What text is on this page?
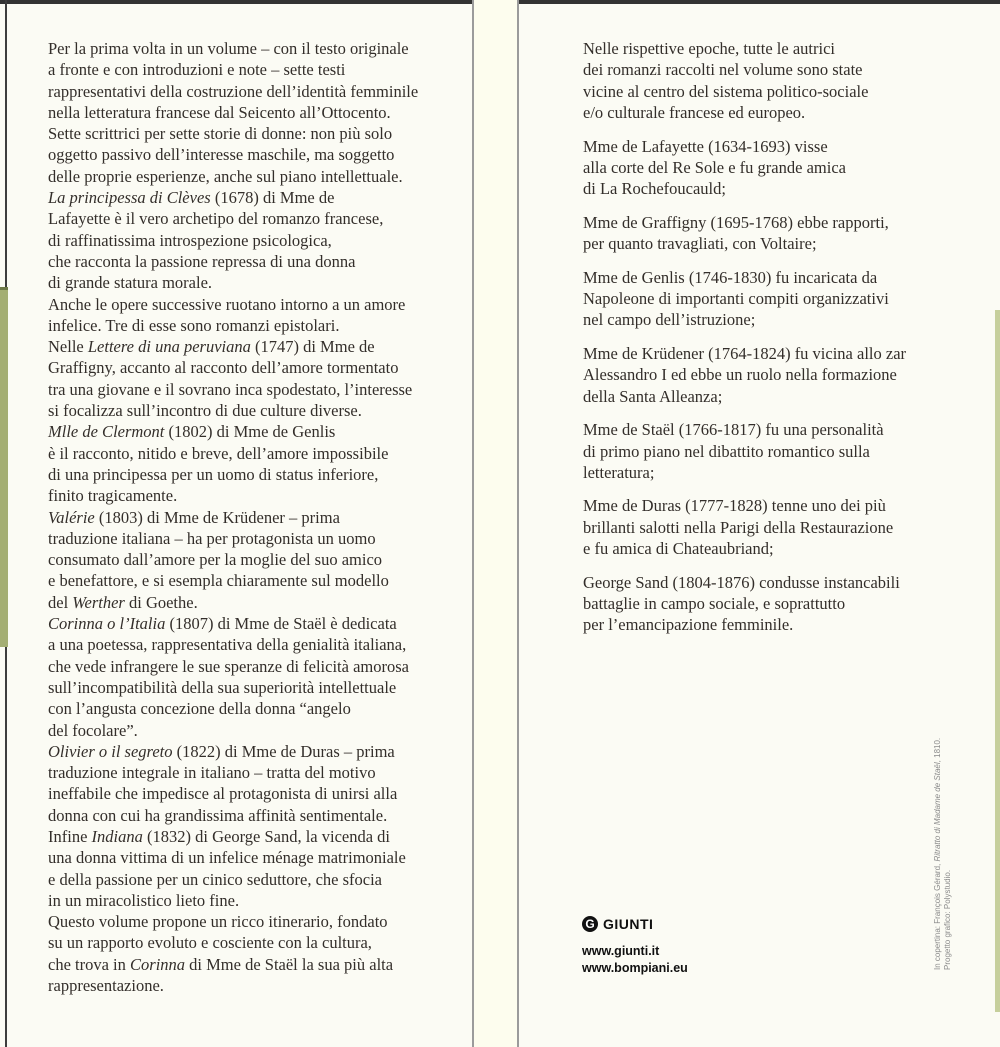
Per la prima volta in un volume – con il testo originale
a fronte e con introduzioni e note – sette testi
rappresentativi della costruzione dell’identità femminile
nella letteratura francese dal Seicento all’Ottocento.
Sette scrittrici per sette storie di donne: non più solo
oggetto passivo dell’interesse maschile, ma soggetto
delle proprie esperienze, anche sul piano intellettuale.
La principessa di Clèves (1678) di Mme de
Lafayette è il vero archetipo del romanzo francese,
di raffinatissima introspezione psicologica,
che racconta la passione repressa di una donna
di grande statura morale.
Anche le opere successive ruotano intorno a un amore
infelice. Tre di esse sono romanzi epistolari.
Nelle Lettere di una peruviana (1747) di Mme de
Graffigny, accanto al racconto dell’amore tormentato
tra una giovane e il sovrano inca spodestato, l’interesse
si focalizza sull’incontro di due culture diverse.
Mlle de Clermont (1802) di Mme de Genlis
è il racconto, nitido e breve, dell’amore impossibile
di una principessa per un uomo di status inferiore,
finito tragicamente.
Valérie (1803) di Mme de Krüdener – prima
traduzione italiana – ha per protagonista un uomo
consumato dall’amore per la moglie del suo amico
e benefattore, e si esempla chiaramente sul modello
del Werther di Goethe.
Corinna o l’Italia (1807) di Mme de Staël è dedicata
a una poetessa, rappresentativa della genialità italiana,
che vede infrangere le sue speranze di felicità amorosa
sull’incompatibilità della sua superiorità intellettuale
con l’angusta concezione della donna “angelo
del focolare”.
Olivier o il segreto (1822) di Mme de Duras – prima
traduzione integrale in italiano – tratta del motivo
ineffabile che impedisce al protagonista di unirsi alla
donna con cui ha grandissima affinità sentimentale.
Infine Indiana (1832) di George Sand, la vicenda di
una donna vittima di un infelice ménage matrimoniale
e della passione per un cinico seduttore, che sfocia
in un miracolistico lieto fine.
Questo volume propone un ricco itinerario, fondato
su un rapporto evoluto e cosciente con la cultura,
che trova in Corinna di Mme de Staël la sua più alta
rappresentazione.
Nelle rispettive epoche, tutte le autrici
dei romanzi raccolti nel volume sono state
vicine al centro del sistema politico-sociale
e/o culturale francese ed europeo.
Mme de Lafayette (1634-1693) visse
alla corte del Re Sole e fu grande amica
di La Rochefoucauld;
Mme de Graffigny (1695-1768) ebbe rapporti,
per quanto travagliati, con Voltaire;
Mme de Genlis (1746-1830) fu incaricata da
Napoleone di importanti compiti organizzativi
nel campo dell’istruzione;
Mme de Krüdener (1764-1824) fu vicina allo zar
Alessandro I ed ebbe un ruolo nella formazione
della Santa Alleanza;
Mme de Staël (1766-1817) fu una personalità
di primo piano nel dibattito romantico sulla
letteratura;
Mme de Duras (1777-1828) tenne uno dei più
brillanti salotti nella Parigi della Restaurazione
e fu amica di Chateaubriand;
George Sand (1804-1876) condusse instancabili
battaglie in campo sociale, e soprattutto
per l’emancipazione femminile.
G GIUNTI
www.giunti.it
www.bompiani.eu	In copertina: François Gérard, Ritratto di Madame de Staël, 1810.
Progetto grafico: Polystudio.
